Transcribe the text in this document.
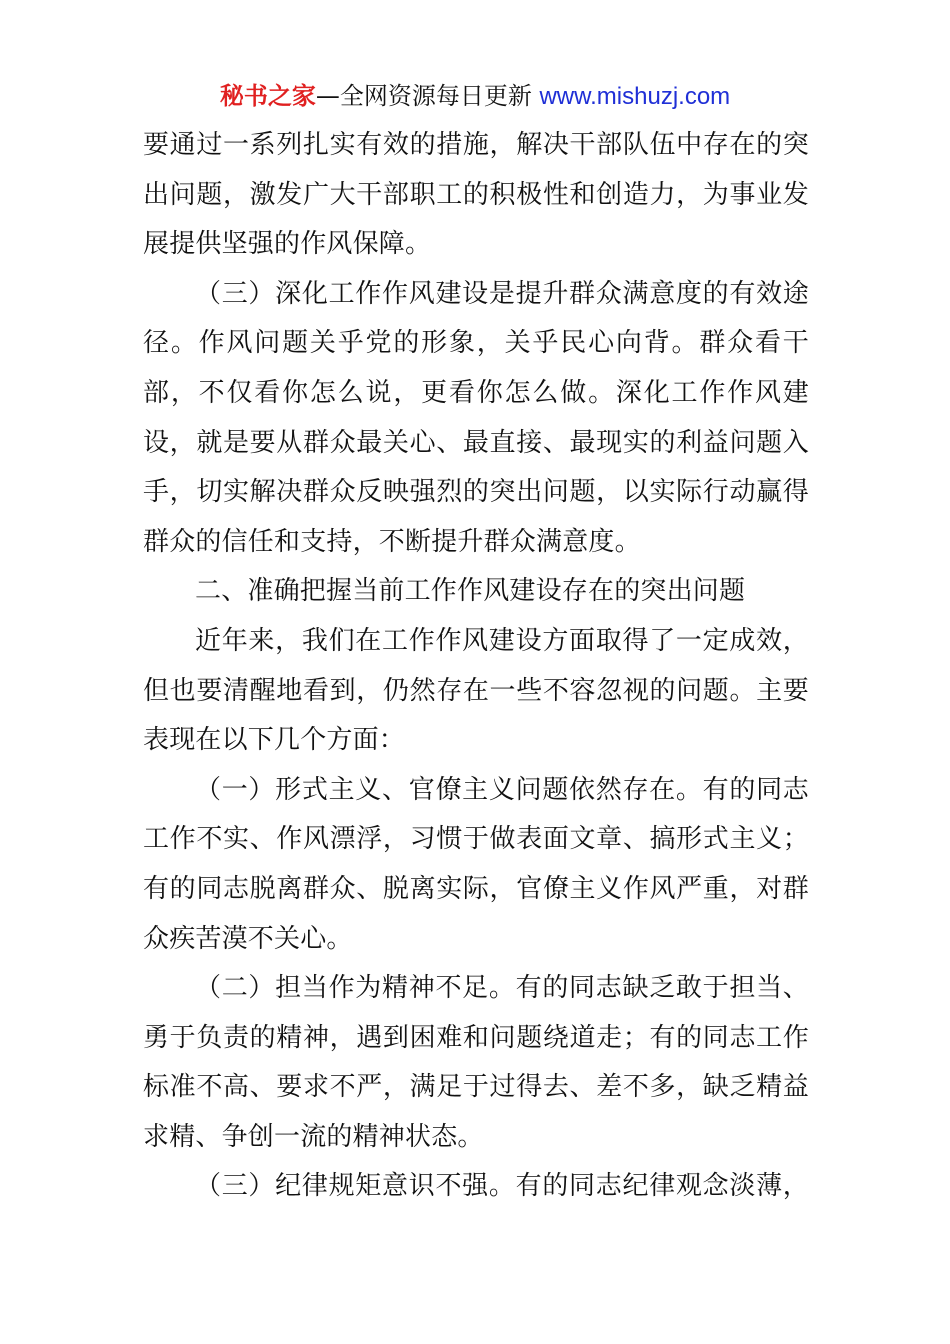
秘书之家—全网资源每日更新 www.mishuzj.com
要通过一系列扎实有效的措施，解决干部队伍中存在的突
出问题，激发广大干部职工的积极性和创造力，为事业发
展提供坚强的作风保障。
（三）深化工作作风建设是提升群众满意度的有效途
径。作风问题关乎党的形象，关乎民心向背。群众看干
部，不仅看你怎么说，更看你怎么做。深化工作作风建
设，就是要从群众最关心、最直接、最现实的利益问题入
手，切实解决群众反映强烈的突出问题，以实际行动赢得
群众的信任和支持，不断提升群众满意度。
二、准确把握当前工作作风建设存在的突出问题
近年来，我们在工作作风建设方面取得了一定成效，
但也要清醒地看到，仍然存在一些不容忽视的问题。主要
表现在以下几个方面：
（一）形式主义、官僚主义问题依然存在。有的同志
工作不实、作风漂浮，习惯于做表面文章、搞形式主义；
有的同志脱离群众、脱离实际，官僚主义作风严重，对群
众疾苦漠不关心。
（二）担当作为精神不足。有的同志缺乏敢于担当、
勇于负责的精神，遇到困难和问题绕道走；有的同志工作
标准不高、要求不严，满足于过得去、差不多，缺乏精益
求精、争创一流的精神状态。
（三）纪律规矩意识不强。有的同志纪律观念淡薄，
